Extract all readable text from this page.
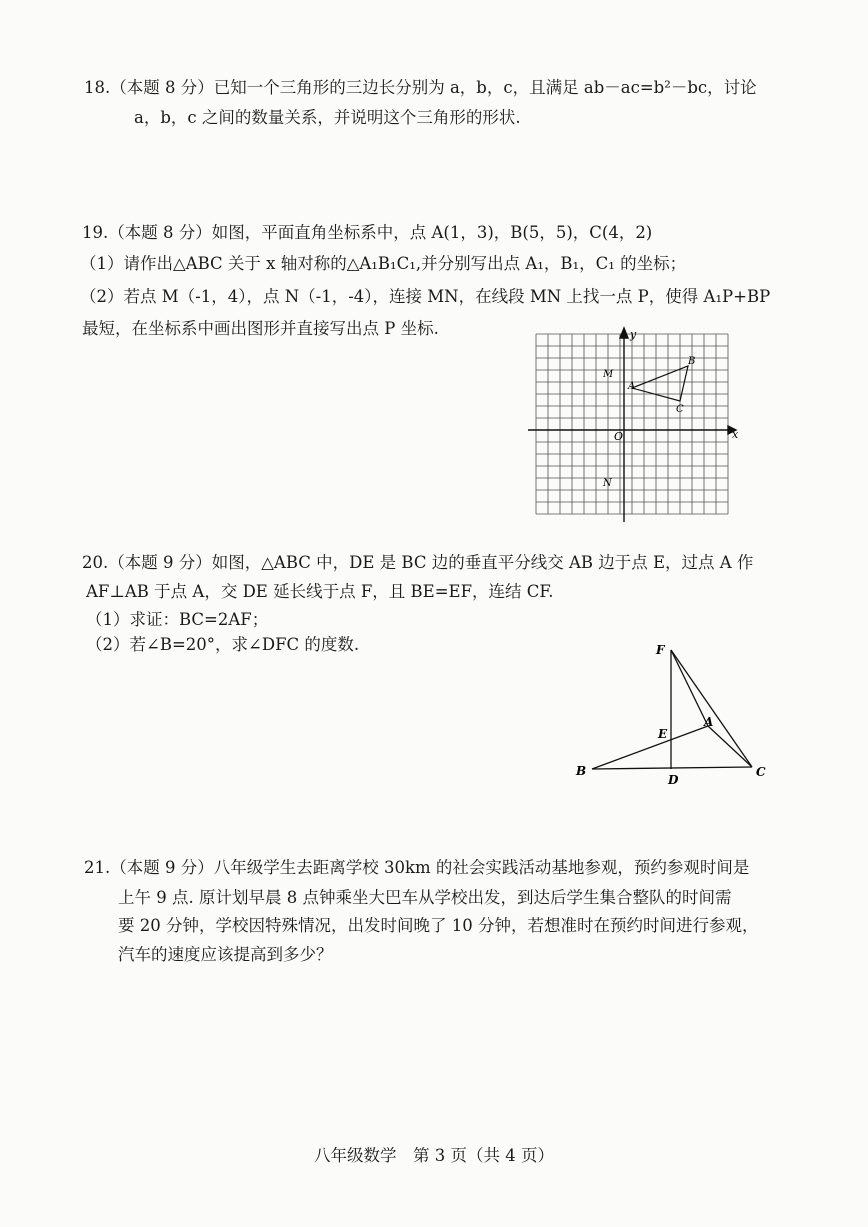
18.（本题 8 分）已知一个三角形的三边长分别为 a，b，c，且满足 ab－ac=b²－bc，讨论
a，b，c 之间的数量关系，并说明这个三角形的形状.
19.（本题 8 分）如图，平面直角坐标系中，点 A(1，3)，B(5，5)，C(4，2)
（1）请作出△ABC 关于 x 轴对称的△A₁B₁C₁,并分别写出点 A₁，B₁，C₁ 的坐标；
（2）若点 M（-1，4），点 N（-1，-4），连接 MN，在线段 MN 上找一点 P，使得 A₁P+BP
最短，在坐标系中画出图形并直接写出点 P 坐标.
x
y
O
A
B
C
M
N
20.（本题 9 分）如图，△ABC 中，DE 是 BC 边的垂直平分线交 AB 边于点 E，过点 A 作
AF⊥AB 于点 A，交 DE 延长线于点 F，且 BE=EF，连结 CF.
（1）求证：BC=2AF；
（2）若∠B=20°，求∠DFC 的度数.	F
E
A
B
D
C
21.（本题 9 分）八年级学生去距离学校 30km 的社会实践活动基地参观，预约参观时间是
上午 9 点. 原计划早晨 8 点钟乘坐大巴车从学校出发，到达后学生集合整队的时间需
要 20 分钟，学校因特殊情况，出发时间晚了 10 分钟，若想准时在预约时间进行参观，
汽车的速度应该提高到多少？
八年级数学　第 3 页（共 4 页）
